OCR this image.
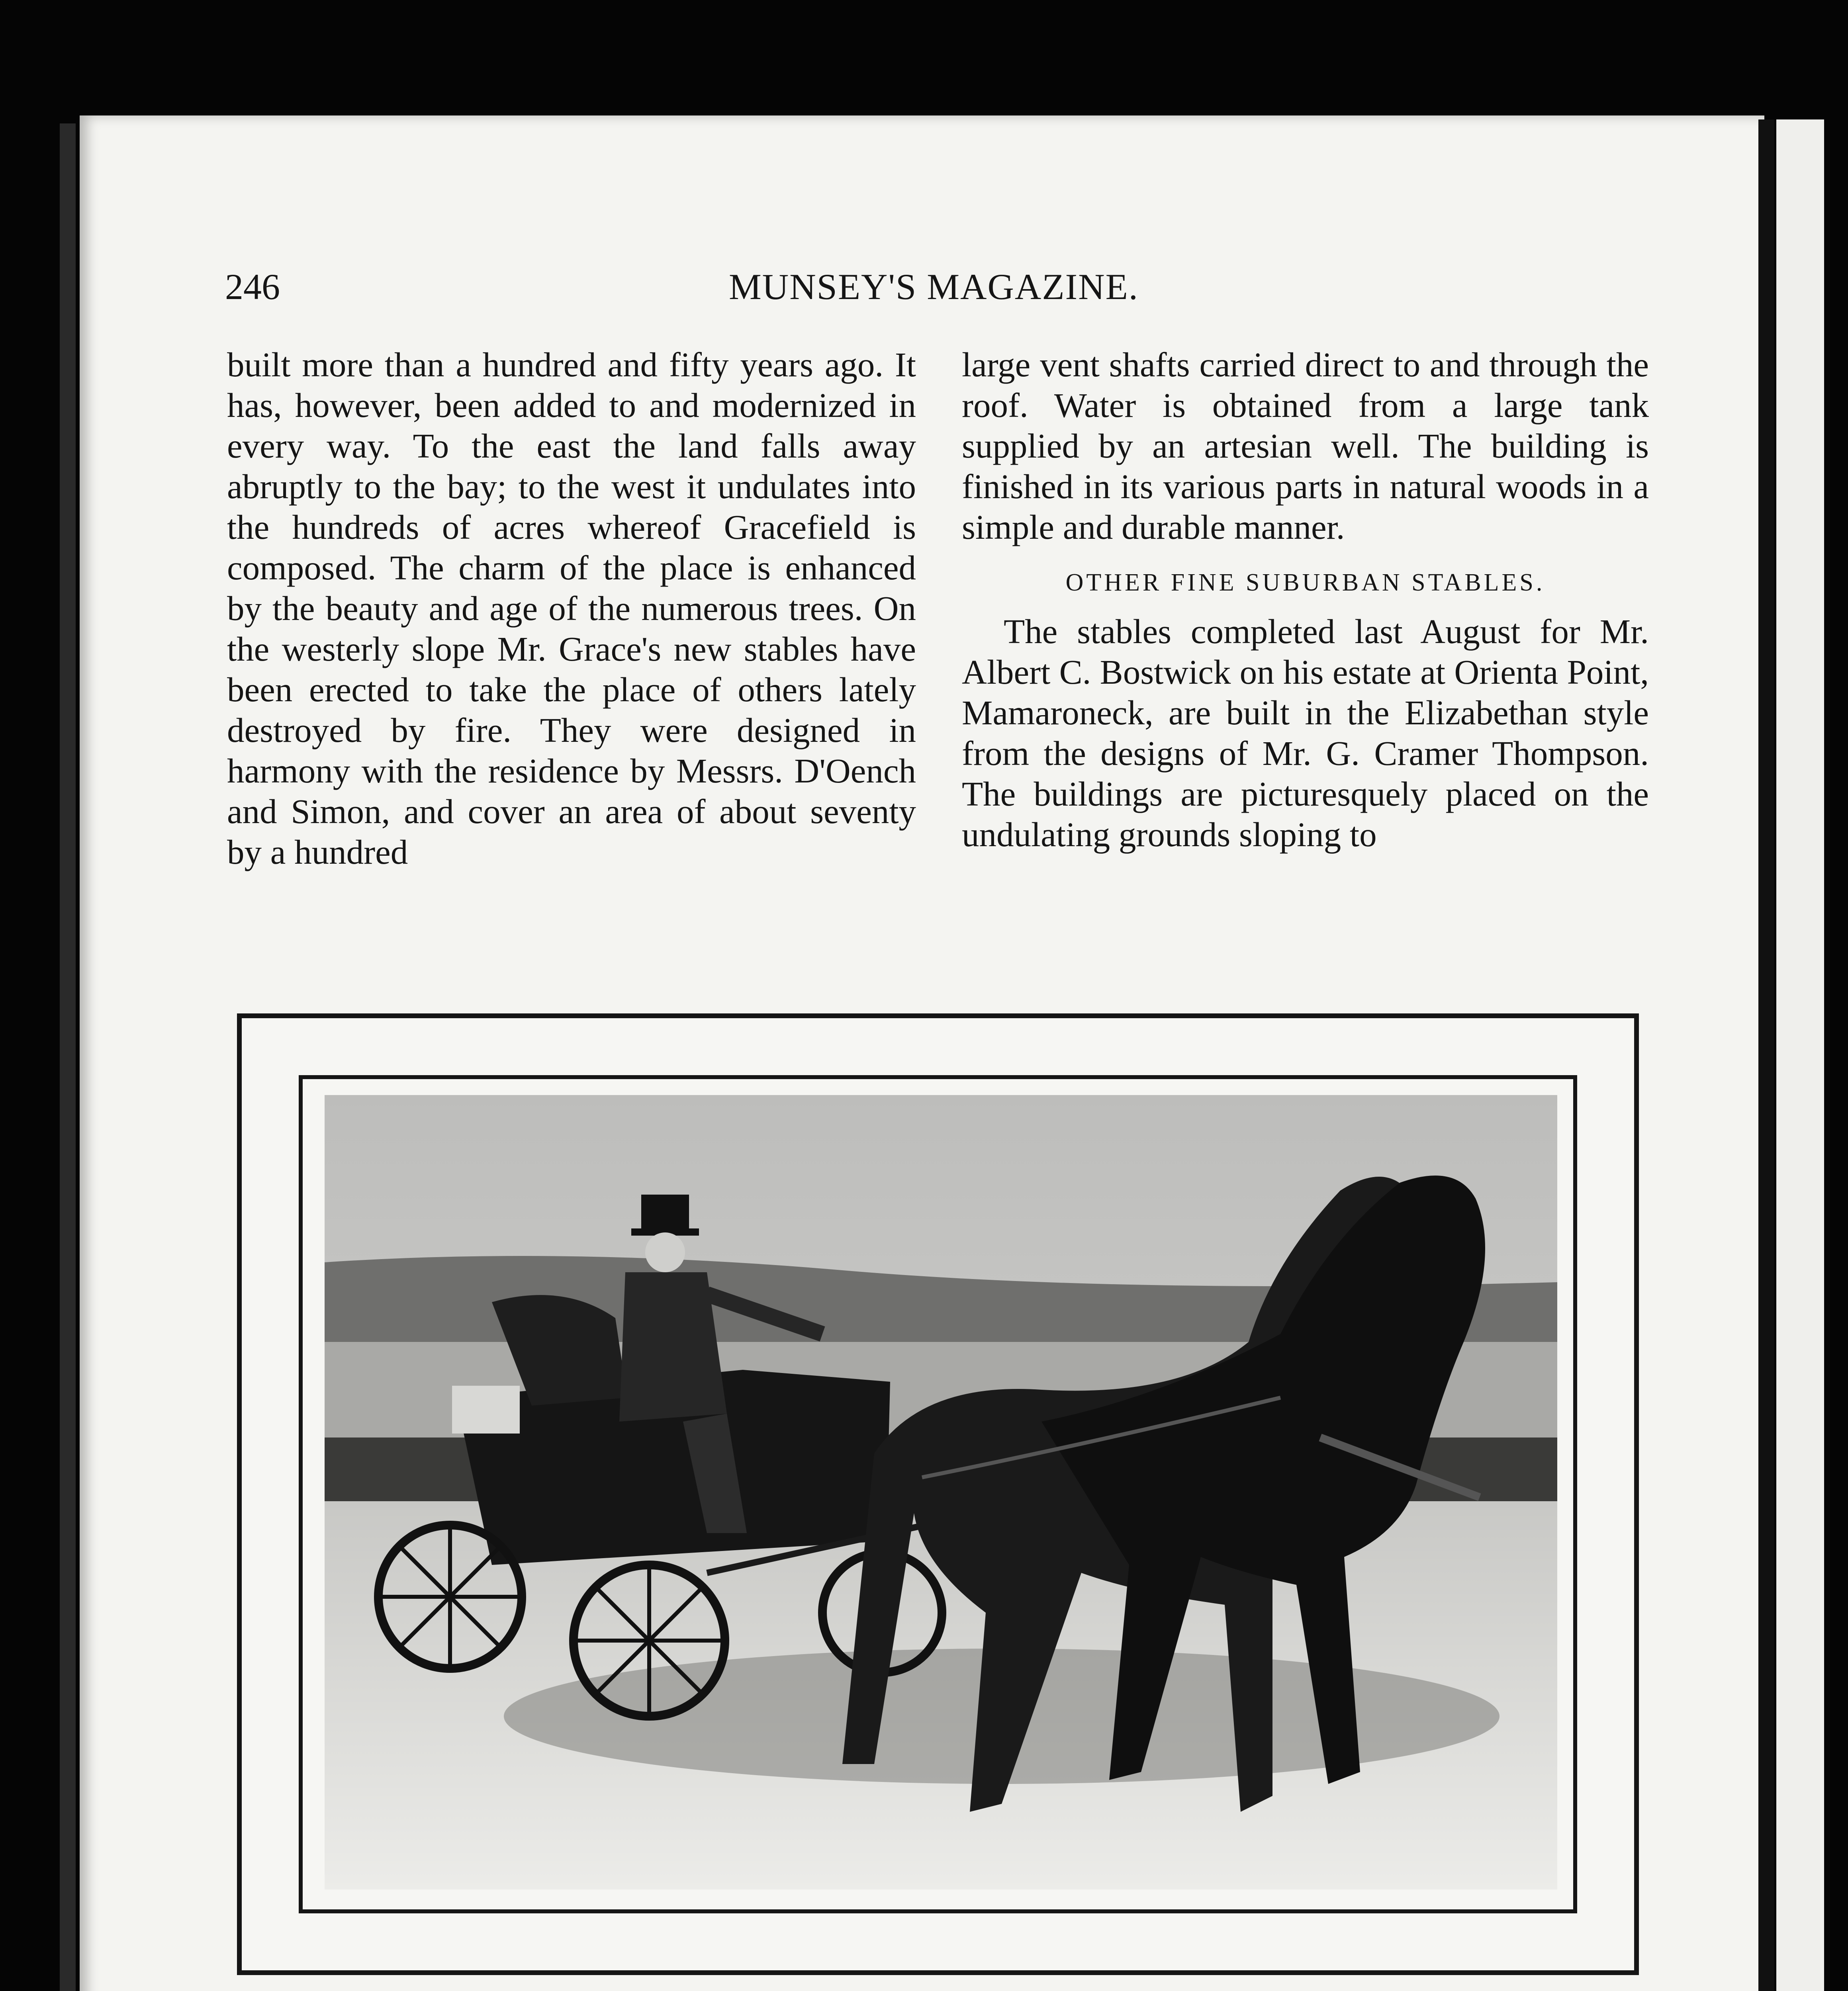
246	MUNSEY'S MAGAZINE.

built more than a hundred and fifty years ago. It has, however, been added to and modernized in every way. To the east the land falls away abruptly to the bay; to the west it undulates into the hundreds of acres whereof Gracefield is composed. The charm of the place is enhanced by the beauty and age of the numerous trees. On the westerly slope Mr. Grace's new stables have been erected to take the place of others lately destroyed by fire. They were designed in harmony with the residence by Messrs. D'Oench and Simon, and cover an area of about seventy by a hundred

large vent shafts carried direct to and through the roof. Water is obtained from a large tank supplied by an artesian well. The building is finished in its various parts in natural woods in a simple and durable manner.

OTHER FINE SUBURBAN STABLES.

The stables completed last August for Mr. Albert C. Bostwick on his estate at Orienta Point, Mamaroneck, are built in the Elizabethan style from the designs of Mr. G. Cramer Thompson. The buildings are picturesquely placed on the undulating grounds sloping to
